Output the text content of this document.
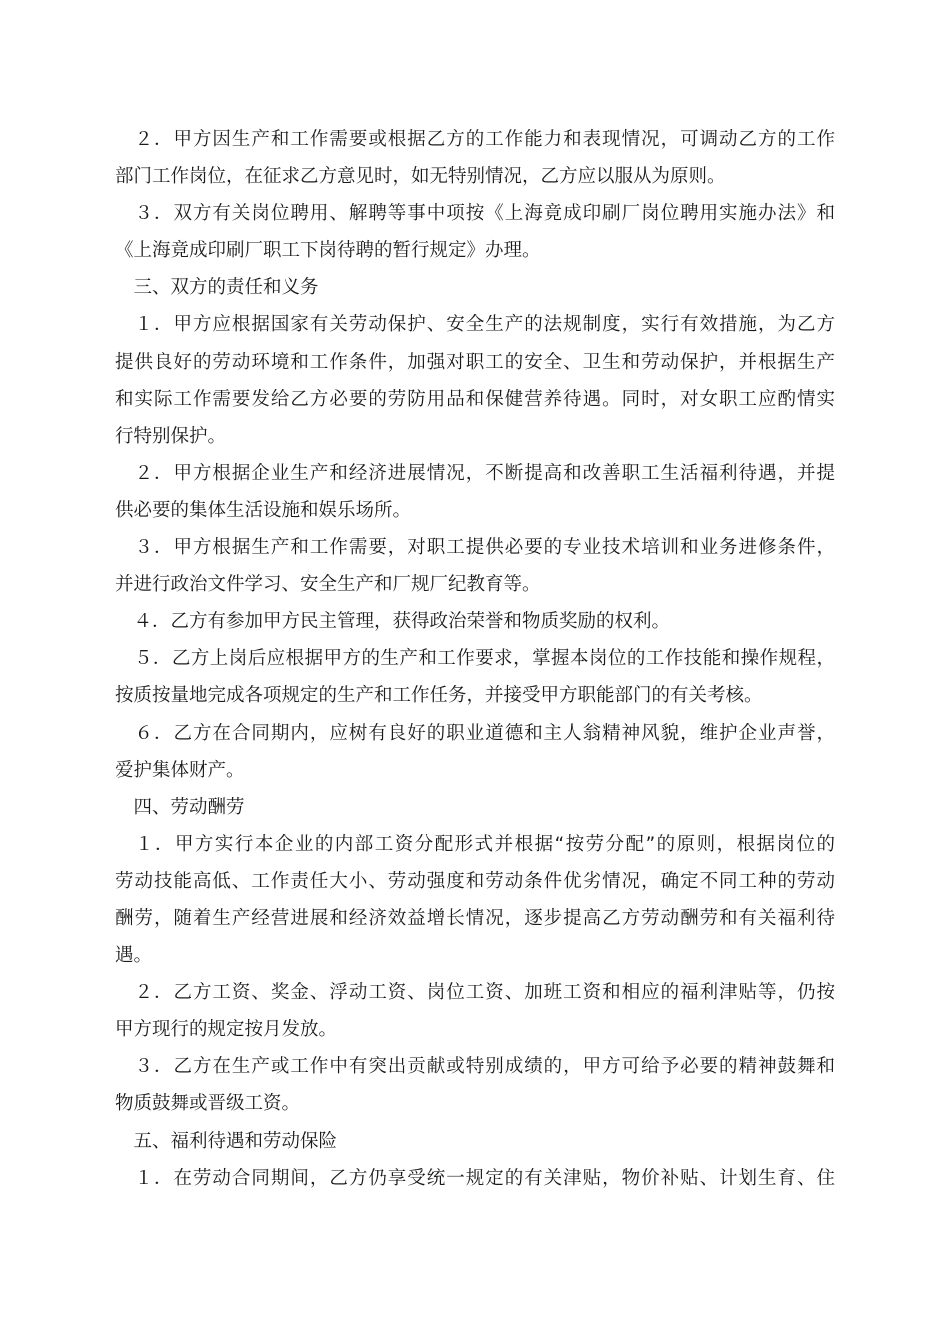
　２．甲方因生产和工作需要或根据乙方的工作能力和表现情况，可调动乙方的工作
部门工作岗位，在征求乙方意见时，如无特别情况，乙方应以服从为原则。
　３．双方有关岗位聘用、解聘等事中项按《上海竟成印刷厂岗位聘用实施办法》和
《上海竟成印刷厂职工下岗待聘的暂行规定》办理。
　三、双方的责任和义务
　１．甲方应根据国家有关劳动保护、安全生产的法规制度，实行有效措施，为乙方
提供良好的劳动环境和工作条件，加强对职工的安全、卫生和劳动保护，并根据生产
和实际工作需要发给乙方必要的劳防用品和保健营养待遇。同时，对女职工应酌情实
行特别保护。
　２．甲方根据企业生产和经济进展情况，不断提高和改善职工生活福利待遇，并提
供必要的集体生活设施和娱乐场所。
　３．甲方根据生产和工作需要，对职工提供必要的专业技术培训和业务进修条件，
并进行政治文件学习、安全生产和厂规厂纪教育等。
　４．乙方有参加甲方民主管理，获得政治荣誉和物质奖励的权利。
　５．乙方上岗后应根据甲方的生产和工作要求，掌握本岗位的工作技能和操作规程，
按质按量地完成各项规定的生产和工作任务，并接受甲方职能部门的有关考核。
　６．乙方在合同期内，应树有良好的职业道德和主人翁精神风貌，维护企业声誉，
爱护集体财产。
　四、劳动酬劳
　１．甲方实行本企业的内部工资分配形式并根据“按劳分配”的原则，根据岗位的
劳动技能高低、工作责任大小、劳动强度和劳动条件优劣情况，确定不同工种的劳动
酬劳，随着生产经营进展和经济效益增长情况，逐步提高乙方劳动酬劳和有关福利待
遇。
　２．乙方工资、奖金、浮动工资、岗位工资、加班工资和相应的福利津贴等，仍按
甲方现行的规定按月发放。
　３．乙方在生产或工作中有突出贡献或特别成绩的，甲方可给予必要的精神鼓舞和
物质鼓舞或晋级工资。
　五、福利待遇和劳动保险
　１．在劳动合同期间，乙方仍享受统一规定的有关津贴，物价补贴、计划生育、住
